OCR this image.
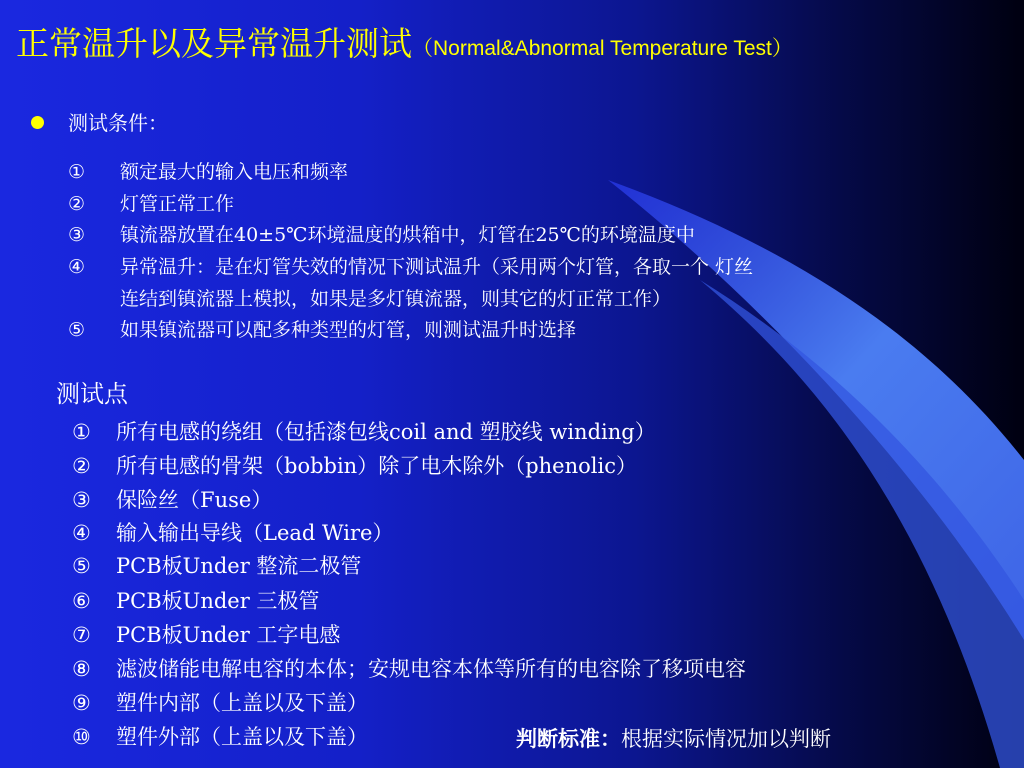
正常温升以及异常温升测试（Normal&Abnormal Temperature Test）
测试条件：
① 额定最大的输入电压和频率
② 灯管正常工作
③ 镇流器放置在40±5℃环境温度的烘箱中，灯管在25℃的环境温度中
④ 异常温升：是在灯管失效的情况下测试温升（采用两个灯管，各取一个 灯丝
连结到镇流器上模拟，如果是多灯镇流器，则其它的灯正常工作）
⑤ 如果镇流器可以配多种类型的灯管，则测试温升时选择
测试点
① 所有电感的绕组（包括漆包线coil and 塑胶线 winding）
② 所有电感的骨架（bobbin）除了电木除外（phenolic）
③ 保险丝（Fuse）
④ 输入输出导线（Lead Wire）
⑤ PCB板Under 整流二极管
⑥ PCB板Under 三极管
⑦ PCB板Under 工字电感
⑧ 滤波储能电解电容的本体；安规电容本体等所有的电容除了移项电容
⑨ 塑件内部（上盖以及下盖）
⑩ 塑件外部（上盖以及下盖）	判断标准：根据实际情况加以判断
